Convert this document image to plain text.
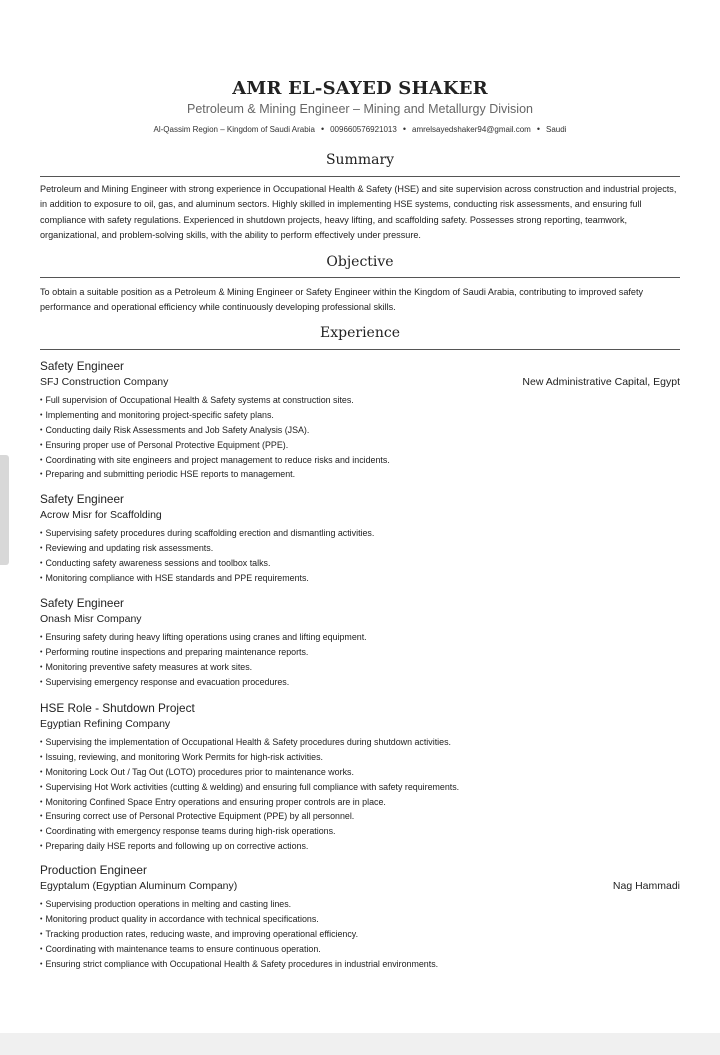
AMR EL-SAYED SHAKER
Petroleum & Mining Engineer – Mining and Metallurgy Division
Al-Qassim Region – Kingdom of Saudi Arabia • 009660576921013 • amrelsayedshaker94@gmail.com • Saudi
Summary
Petroleum and Mining Engineer with strong experience in Occupational Health & Safety (HSE) and site supervision across construction and industrial projects, in addition to exposure to oil, gas, and aluminum sectors. Highly skilled in implementing HSE systems, conducting risk assessments, and ensuring full compliance with safety regulations. Experienced in shutdown projects, heavy lifting, and scaffolding safety. Possesses strong reporting, teamwork, organizational, and problem-solving skills, with the ability to perform effectively under pressure.
Objective
To obtain a suitable position as a Petroleum & Mining Engineer or Safety Engineer within the Kingdom of Saudi Arabia, contributing to improved safety performance and operational efficiency while continuously developing professional skills.
Experience
Safety Engineer
SFJ Construction Company	New Administrative Capital, Egypt
• Full supervision of Occupational Health & Safety systems at construction sites.
• Implementing and monitoring project-specific safety plans.
• Conducting daily Risk Assessments and Job Safety Analysis (JSA).
• Ensuring proper use of Personal Protective Equipment (PPE).
• Coordinating with site engineers and project management to reduce risks and incidents.
• Preparing and submitting periodic HSE reports to management.
Safety Engineer
Acrow Misr for Scaffolding
• Supervising safety procedures during scaffolding erection and dismantling activities.
• Reviewing and updating risk assessments.
• Conducting safety awareness sessions and toolbox talks.
• Monitoring compliance with HSE standards and PPE requirements.
Safety Engineer
Onash Misr Company
• Ensuring safety during heavy lifting operations using cranes and lifting equipment.
• Performing routine inspections and preparing maintenance reports.
• Monitoring preventive safety measures at work sites.
• Supervising emergency response and evacuation procedures.
HSE Role - Shutdown Project
Egyptian Refining Company
• Supervising the implementation of Occupational Health & Safety procedures during shutdown activities.
• Issuing, reviewing, and monitoring Work Permits for high-risk activities.
• Monitoring Lock Out / Tag Out (LOTO) procedures prior to maintenance works.
• Supervising Hot Work activities (cutting & welding) and ensuring full compliance with safety requirements.
• Monitoring Confined Space Entry operations and ensuring proper controls are in place.
• Ensuring correct use of Personal Protective Equipment (PPE) by all personnel.
• Coordinating with emergency response teams during high-risk operations.
• Preparing daily HSE reports and following up on corrective actions.
Production Engineer
Egyptalum (Egyptian Aluminum Company)	Nag Hammadi
• Supervising production operations in melting and casting lines.
• Monitoring product quality in accordance with technical specifications.
• Tracking production rates, reducing waste, and improving operational efficiency.
• Coordinating with maintenance teams to ensure continuous operation.
• Ensuring strict compliance with Occupational Health & Safety procedures in industrial environments.
